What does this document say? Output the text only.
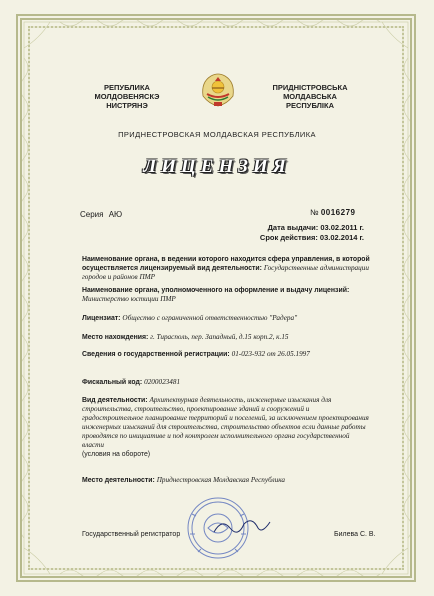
РЕПУБЛИКА
МОЛДОВЕНЯСКЭ
НИСТРЯНЭ
ПРИДНІСТРОВСЬКА
МОЛДАВСЬКА
РЕСПУБЛІКА
ПРИДНЕСТРОВСКАЯ МОЛДАВСКАЯ РЕСПУБЛИКА
ЛИЦЕНЗИЯ
Серия АЮ	№ 0016279
Дата выдачи: 03.02.2011 г.
Срок действия: 03.02.2014 г.
Наименование органа, в ведении которого находится сфера управления, в которой осуществляется лицензируемый вид деятельности: Государственные администрации городов и районов ПМР
Наименование органа, уполномоченного на оформление и выдачу лицензий:
Министерство юстиции ПМР
Лицензиат: Общество с ограниченной ответственностью "Радера"
Место нахождения: г. Тирасполь, пер. Западный, д.15 корп.2, к.15
Сведения о государственной регистрации: 01-023-932 от 26.05.1997
Фискальный код: 0200023481
Вид деятельности: Архитектурная деятельность, инженерные изыскания для строительства, строительство, проектирование зданий и сооружений и градостроительное планирование территорий и поселений, за исключением проектирования инженерных изысканий для строительства, строительство объектов если данные работы проводятся по инициативе и под контролем исполнительного органа государственной власти
(условия на обороте)
Место деятельности: Приднестровская Молдавская Республика
Государственный регистратор	Билева С. В.
